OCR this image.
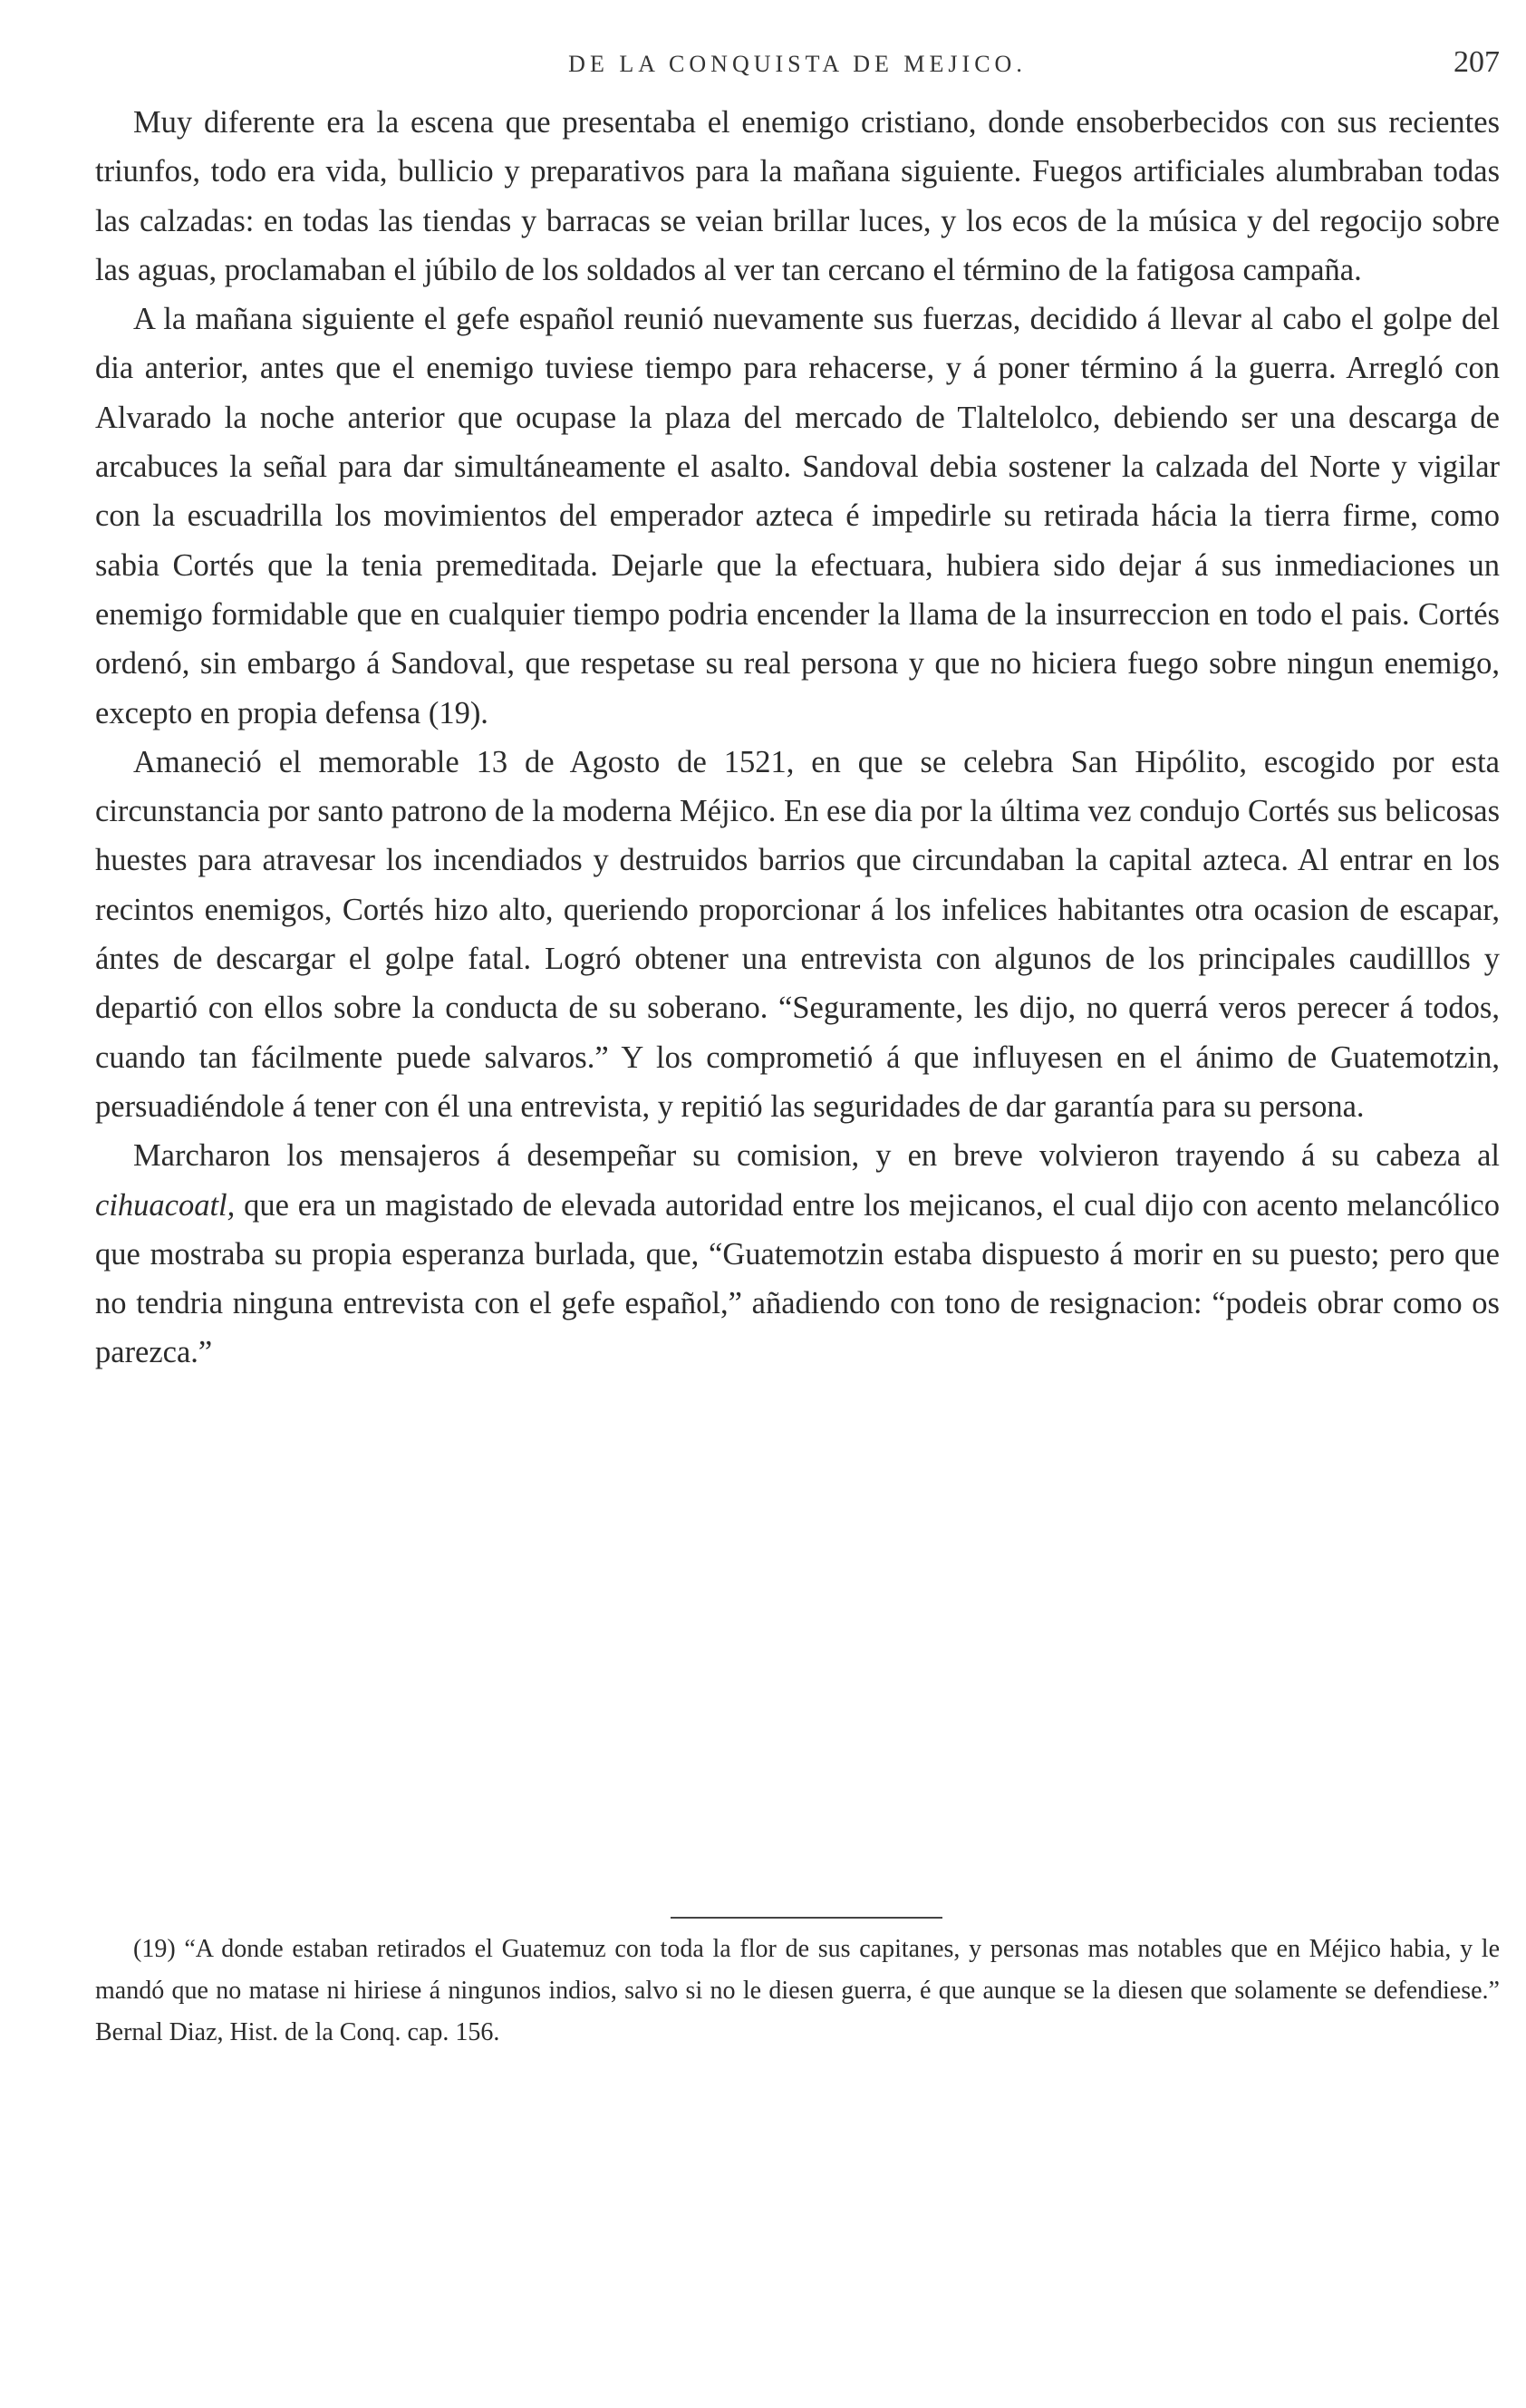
DE LA CONQUISTA DE MEJICO.	207

Muy diferente era la escena que presentaba el enemigo cristiano, donde ensoberbecidos con sus recientes triunfos, todo era vida, bullicio y preparativos para la mañana siguiente. Fuegos artificiales alumbraban todas las calzadas: en todas las tiendas y barracas se veian brillar luces, y los ecos de la música y del regocijo sobre las aguas, proclamaban el júbilo de los soldados al ver tan cercano el término de la fatigosa campaña.

A la mañana siguiente el gefe español reunió nuevamente sus fuerzas, decidido á llevar al cabo el golpe del dia anterior, antes que el enemigo tuviese tiempo para rehacerse, y á poner término á la guerra. Arregló con Alvarado la noche anterior que ocupase la plaza del mercado de Tlaltelolco, debiendo ser una descarga de arcabuces la señal para dar simultáneamente el asalto. Sandoval debia sostener la calzada del Norte y vigilar con la escuadrilla los movimientos del emperador azteca é impedirle su retirada hácia la tierra firme, como sabia Cortés que la tenia premeditada. Dejarle que la efectuara, hubiera sido dejar á sus inmediaciones un enemigo formidable que en cualquier tiempo podria encender la llama de la insurreccion en todo el pais. Cortés ordenó, sin embargo á Sandoval, que respetase su real persona y que no hiciera fuego sobre ningun enemigo, excepto en propia defensa (19).

Amaneció el memorable 13 de Agosto de 1521, en que se celebra San Hipólito, escogido por esta circunstancia por santo patrono de la moderna Méjico. En ese dia por la última vez condujo Cortés sus belicosas huestes para atravesar los incendiados y destruidos barrios que circundaban la capital azteca. Al entrar en los recintos enemigos, Cortés hizo alto, queriendo proporcionar á los infelices habitantes otra ocasion de escapar, ántes de descargar el golpe fatal. Logró obtener una entrevista con algunos de los principales caudilllos y departió con ellos sobre la conducta de su soberano. “Seguramente, les dijo, no querrá veros perecer á todos, cuando tan fácilmente puede salvaros.” Y los comprometió á que influyesen en el ánimo de Guatemotzin, persuadiéndole á tener con él una entrevista, y repitió las seguridades de dar garantía para su persona.

Marcharon los mensajeros á desempeñar su comision, y en breve volvieron trayendo á su cabeza al cihuacoatl, que era un magistado de elevada autoridad entre los mejicanos, el cual dijo con acento melancólico que mostraba su propia esperanza burlada, que, “Guatemotzin estaba dispuesto á morir en su puesto; pero que no tendria ninguna entrevista con el gefe español,” añadiendo con tono de resignacion: “podeis obrar como os parezca.”

(19) “A donde estaban retirados el Guatemuz con toda la flor de sus capitanes, y personas mas notables que en Méjico habia, y le mandó que no matase ni hiriese á ningunos indios, salvo si no le diesen guerra, é que aunque se la diesen que solamente se defendiese.” Bernal Diaz, Hist. de la Conq. cap. 156.
